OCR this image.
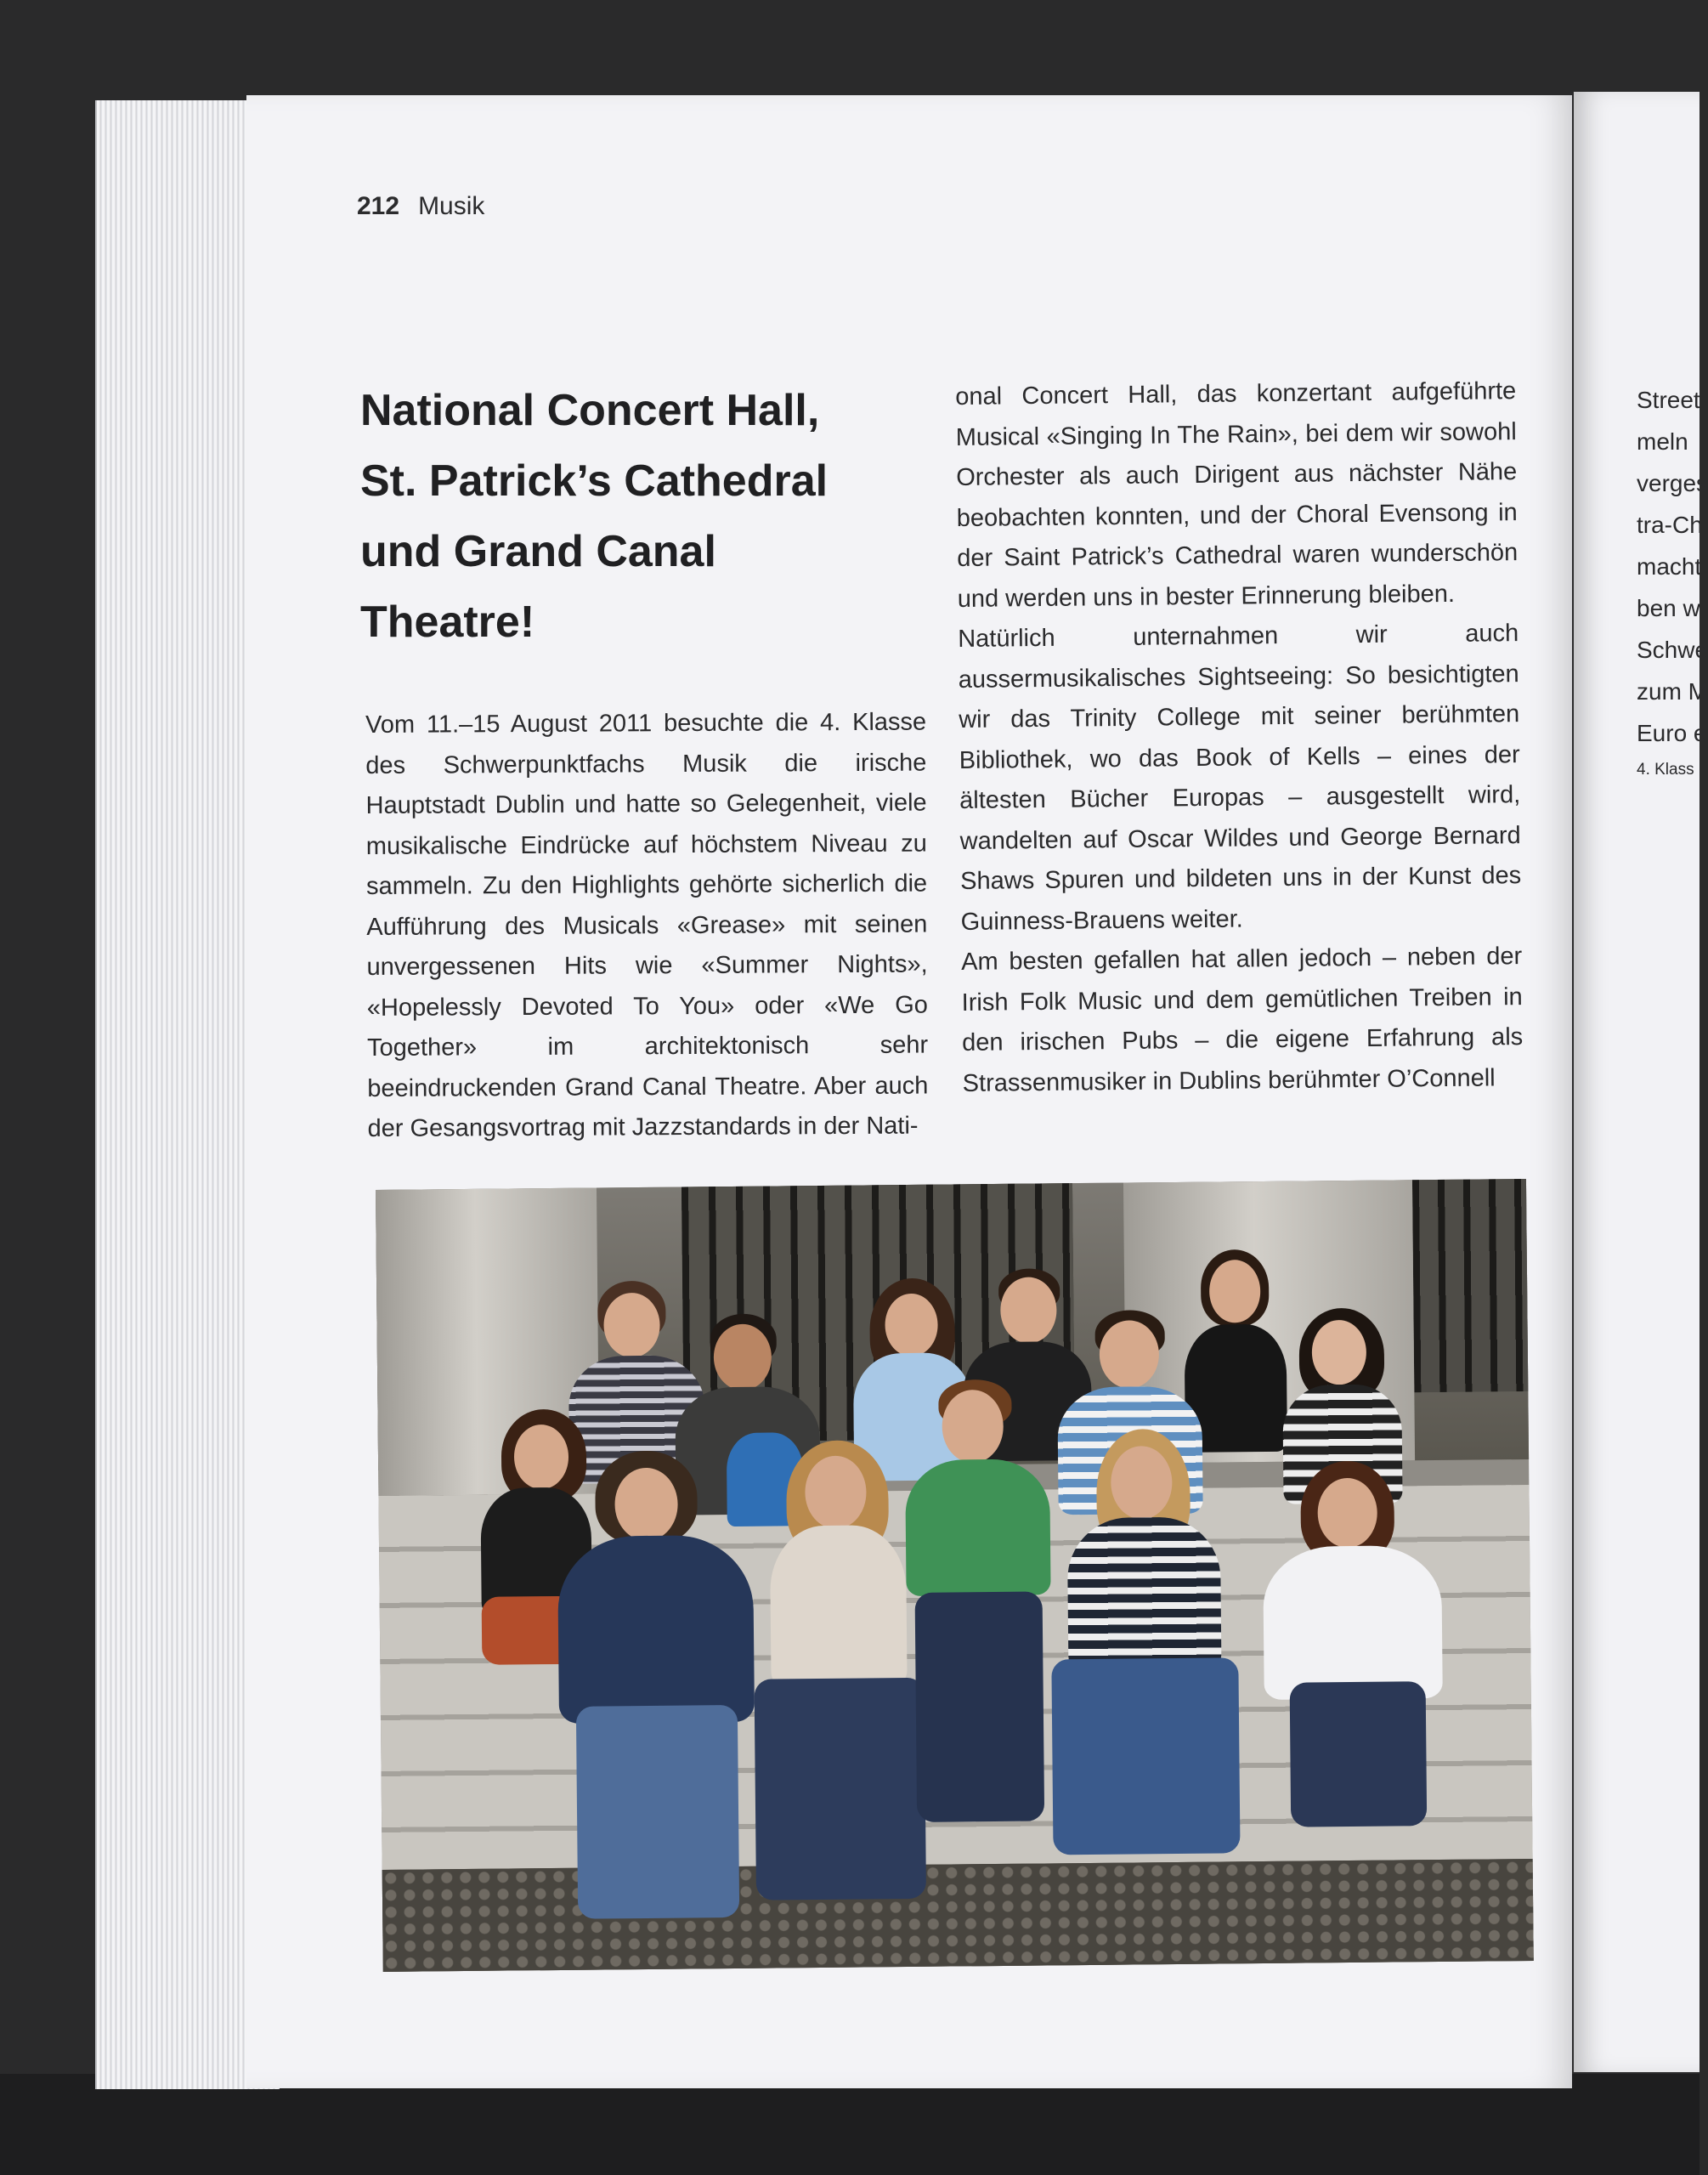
212 Musik
National Concert Hall,
St. Patrick’s Cathedral
und Grand Canal
Theatre!

Vom 11.–15 August 2011 besuchte die 4. Klasse des Schwerpunktfachs Musik die irische Hauptstadt Dublin und hatte so Gelegenheit, viele musikalische Eindrücke auf höchstem Niveau zu sammeln. Zu den Highlights gehörte sicherlich die Aufführung des Musicals «Grease» mit seinen unvergessenen Hits wie «Summer Nights», «Hopelessly Devoted To You» oder «We Go Together» im architektonisch sehr beeindruckenden Grand Canal Theatre. Aber auch der Gesangsvortrag mit Jazzstandards in der Nati-

onal Concert Hall, das konzertant aufgeführte Musical «Singing In The Rain», bei dem wir sowohl Orchester als auch Dirigent aus nächster Nähe beobachten konnten, und der Choral Evensong in der Saint Patrick’s Cathedral waren wunderschön und werden uns in bester Erinnerung bleiben.

Natürlich unternahmen wir auch aussermusikalisches Sightseeing: So besichtigten wir das Trinity College mit seiner berühmten Bibliothek, wo das Book of Kells – eines der ältesten Bücher Europas – ausgestellt wird, wandelten auf Oscar Wildes und George Bernard Shaws Spuren und bildeten uns in der Kunst des Guinness-Brauens weiter.

Am besten gefallen hat allen jedoch – neben der Irish Folk Music und dem gemütlichen Treiben in den irischen Pubs – die eigene Erfahrung als Strassenmusiker in Dublins berühmter O’Connell

Street
meln
verges
tra-Ch
macht
ben w
Schwe
zum M
Euro e
4. Klass
